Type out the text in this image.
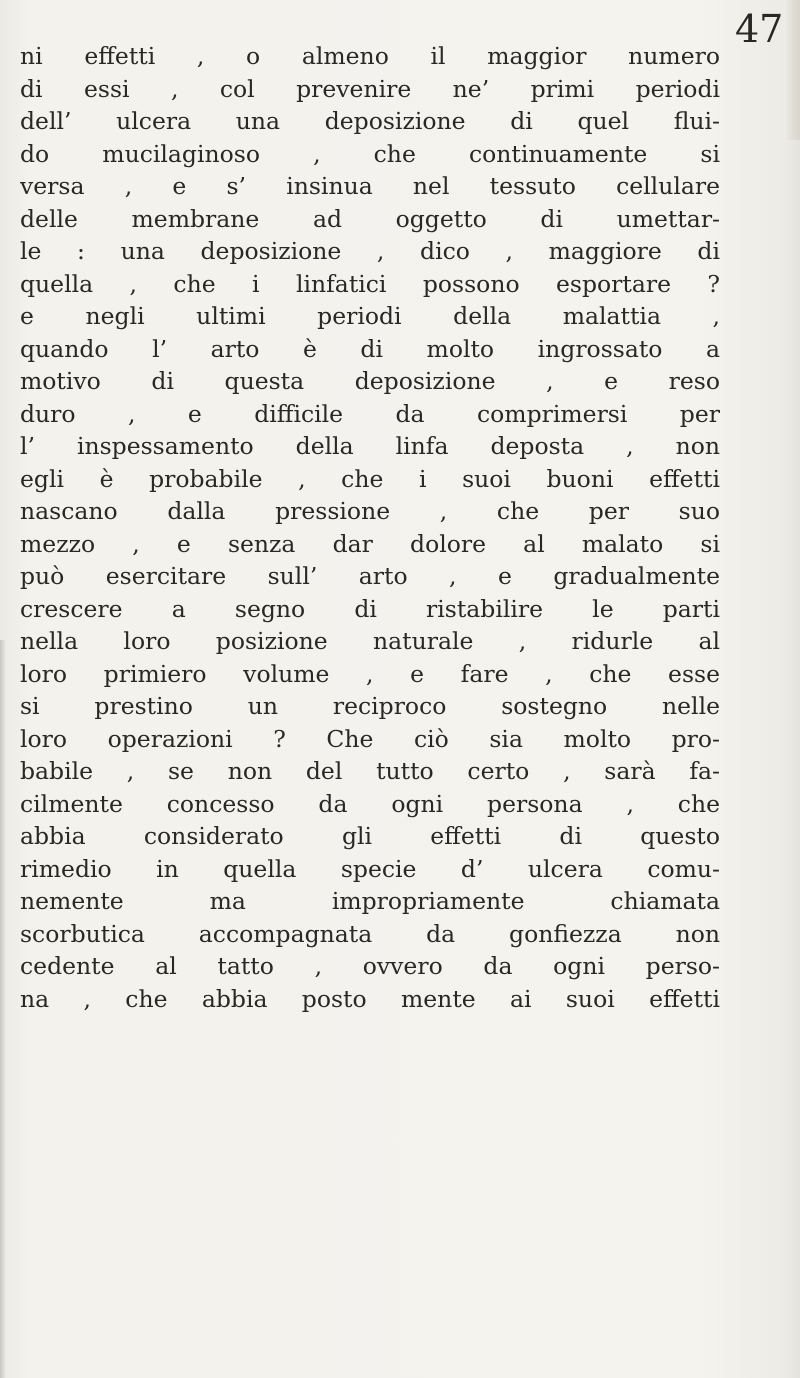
47
ni effetti , o almeno il maggior numero
di essi , col prevenire ne’ primi periodi
dell’ ulcera una deposizione di quel flui-
do mucilaginoso , che continuamente si
versa , e s’ insinua nel tessuto cellulare
delle membrane ad oggetto di umettar-
le : una deposizione , dico , maggiore di
quella , che i linfatici possono esportare ?
e negli ultimi periodi della malattia ,
quando l’ arto è di molto ingrossato a
motivo di questa deposizione , e reso
duro , e difficile da comprimersi per
l’ inspessamento della linfa deposta , non
egli è probabile , che i suoi buoni effetti
nascano dalla pressione , che per suo
mezzo , e senza dar dolore al malato si
può esercitare sull’ arto , e gradualmente
crescere a segno di ristabilire le parti
nella loro posizione naturale , ridurle al
loro primiero volume , e fare , che esse
si prestino un reciproco sostegno nelle
loro operazioni ? Che ciò sia molto pro-
babile , se non del tutto certo , sarà fa-
cilmente concesso da ogni persona , che
abbia considerato gli effetti di questo
rimedio in quella specie d’ ulcera comu-
nemente ma impropriamente chiamata
scorbutica accompagnata da gonfiezza non
cedente al tatto , ovvero da ogni perso-
na , che abbia posto mente ai suoi effetti
